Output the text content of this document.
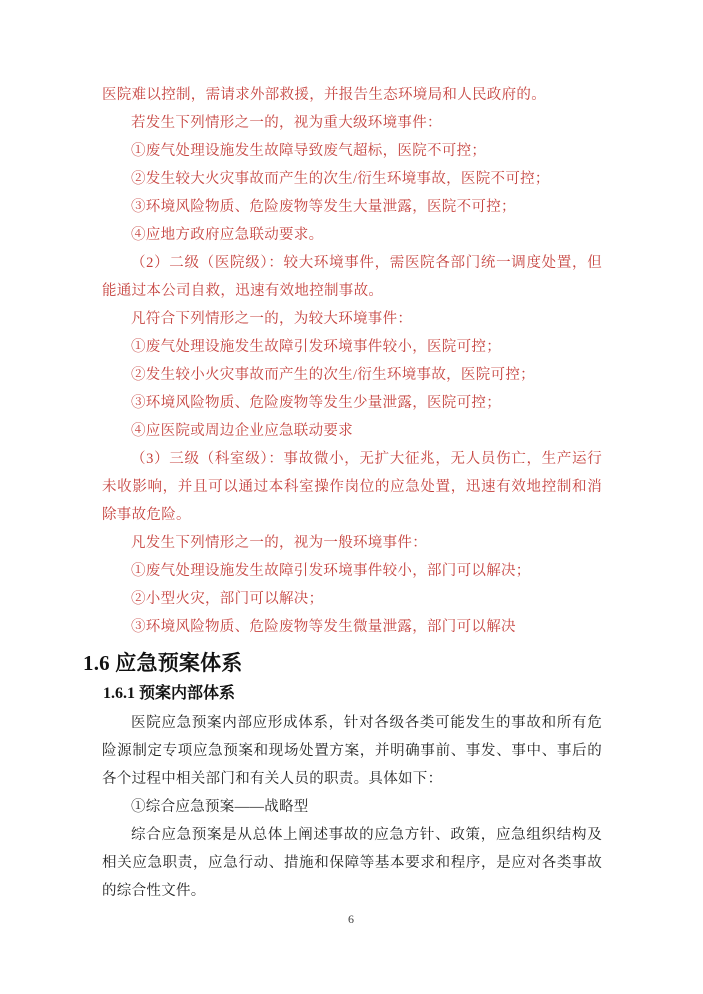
医院难以控制，需请求外部救援，并报告生态环境局和人民政府的。

若发生下列情形之一的，视为重大级环境事件：

①废气处理设施发生故障导致废气超标，医院不可控；

②发生较大火灾事故而产生的次生/衍生环境事故，医院不可控；

③环境风险物质、危险废物等发生大量泄露，医院不可控；

④应地方政府应急联动要求。

（2）二级（医院级）：较大环境事件，需医院各部门统一调度处置，但能通过本公司自救，迅速有效地控制事故。

凡符合下列情形之一的，为较大环境事件：

①废气处理设施发生故障引发环境事件较小，医院可控；

②发生较小火灾事故而产生的次生/衍生环境事故，医院可控；

③环境风险物质、危险废物等发生少量泄露，医院可控；

④应医院或周边企业应急联动要求

（3）三级（科室级）：事故微小，无扩大征兆，无人员伤亡，生产运行未收影响，并且可以通过本科室操作岗位的应急处置，迅速有效地控制和消除事故危险。

凡发生下列情形之一的，视为一般环境事件：

①废气处理设施发生故障引发环境事件较小，部门可以解决；

②小型火灾，部门可以解决；

③环境风险物质、危险废物等发生微量泄露，部门可以解决

1.6 应急预案体系
1.6.1 预案内部体系

医院应急预案内部应形成体系，针对各级各类可能发生的事故和所有危险源制定专项应急预案和现场处置方案，并明确事前、事发、事中、事后的各个过程中相关部门和有关人员的职责。具体如下：

①综合应急预案——战略型

综合应急预案是从总体上阐述事故的应急方针、政策，应急组织结构及相关应急职责，应急行动、措施和保障等基本要求和程序，是应对各类事故的综合性文件。

6
